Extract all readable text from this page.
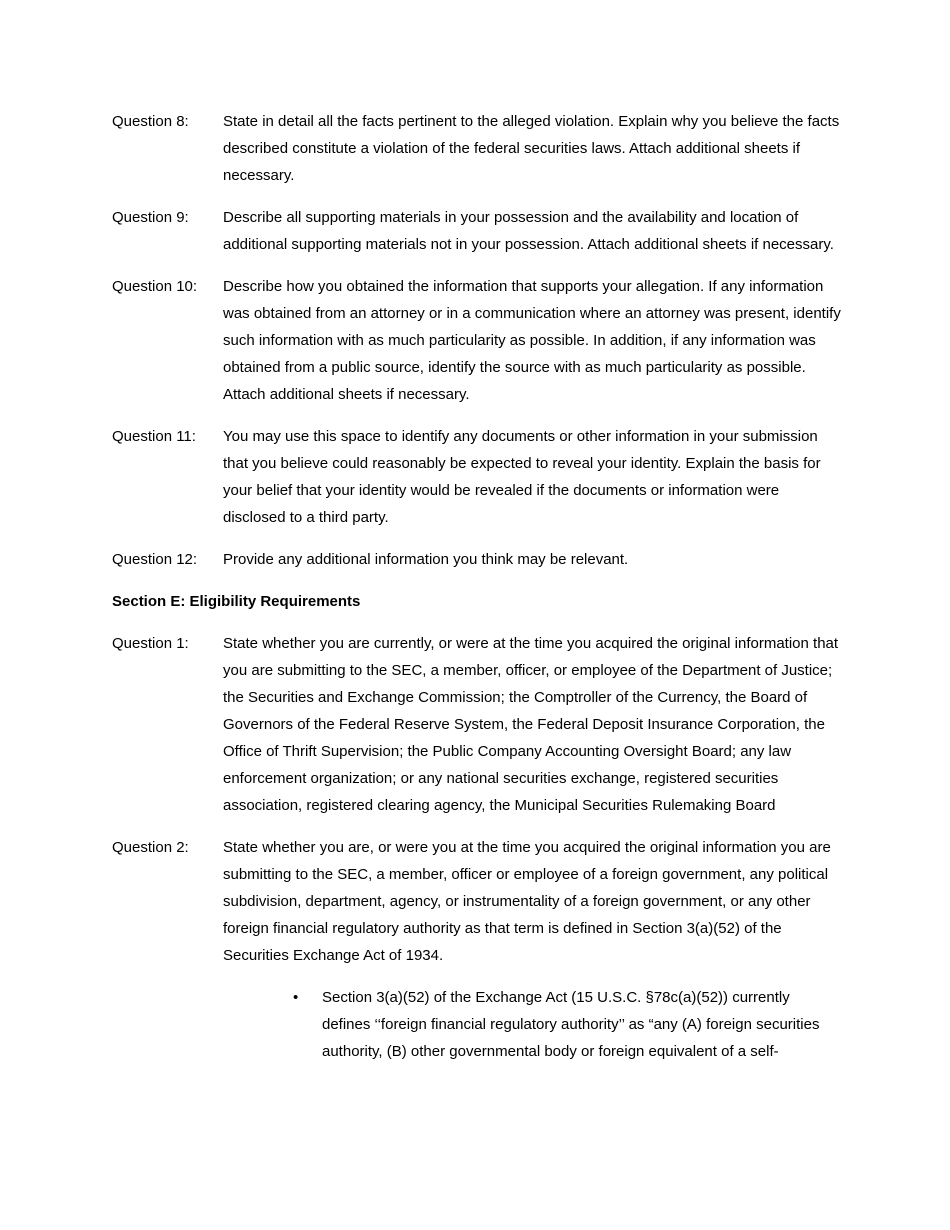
Question 8:	State in detail all the facts pertinent to the alleged violation. Explain why you believe the facts described constitute a violation of the federal securities laws. Attach additional sheets if necessary.
Question 9:	Describe all supporting materials in your possession and the availability and location of additional supporting materials not in your possession. Attach additional sheets if necessary.
Question 10:	Describe how you obtained the information that supports your allegation. If any information was obtained from an attorney or in a communication where an attorney was present, identify such information with as much particularity as possible. In addition, if any information was obtained from a public source, identify the source with as much particularity as possible. Attach additional sheets if necessary.
Question 11:	You may use this space to identify any documents or other information in your submission that you believe could reasonably be expected to reveal your identity. Explain the basis for your belief that your identity would be revealed if the documents or information were disclosed to a third party.
Question 12:	Provide any additional information you think may be relevant.
Section E: Eligibility Requirements
Question 1:	State whether you are currently, or were at the time you acquired the original information that you are submitting to the SEC, a member, officer, or employee of the Department of Justice; the Securities and Exchange Commission; the Comptroller of the Currency, the Board of Governors of the Federal Reserve System, the Federal Deposit Insurance Corporation, the Office of Thrift Supervision; the Public Company Accounting Oversight Board; any law enforcement organization; or any national securities exchange, registered securities association, registered clearing agency, the Municipal Securities Rulemaking Board
Question 2:	State whether you are, or were you at the time you acquired the original information you are submitting to the SEC, a member, officer or employee of a foreign government, any political subdivision, department, agency, or instrumentality of a foreign government, or any other foreign financial regulatory authority as that term is defined in Section 3(a)(52) of the Securities Exchange Act of 1934.
•	Section 3(a)(52) of the Exchange Act (15 U.S.C. §78c(a)(52)) currently defines ‘‘foreign financial regulatory authority’’ as “any (A) foreign securities authority, (B) other governmental body or foreign equivalent of a self-
